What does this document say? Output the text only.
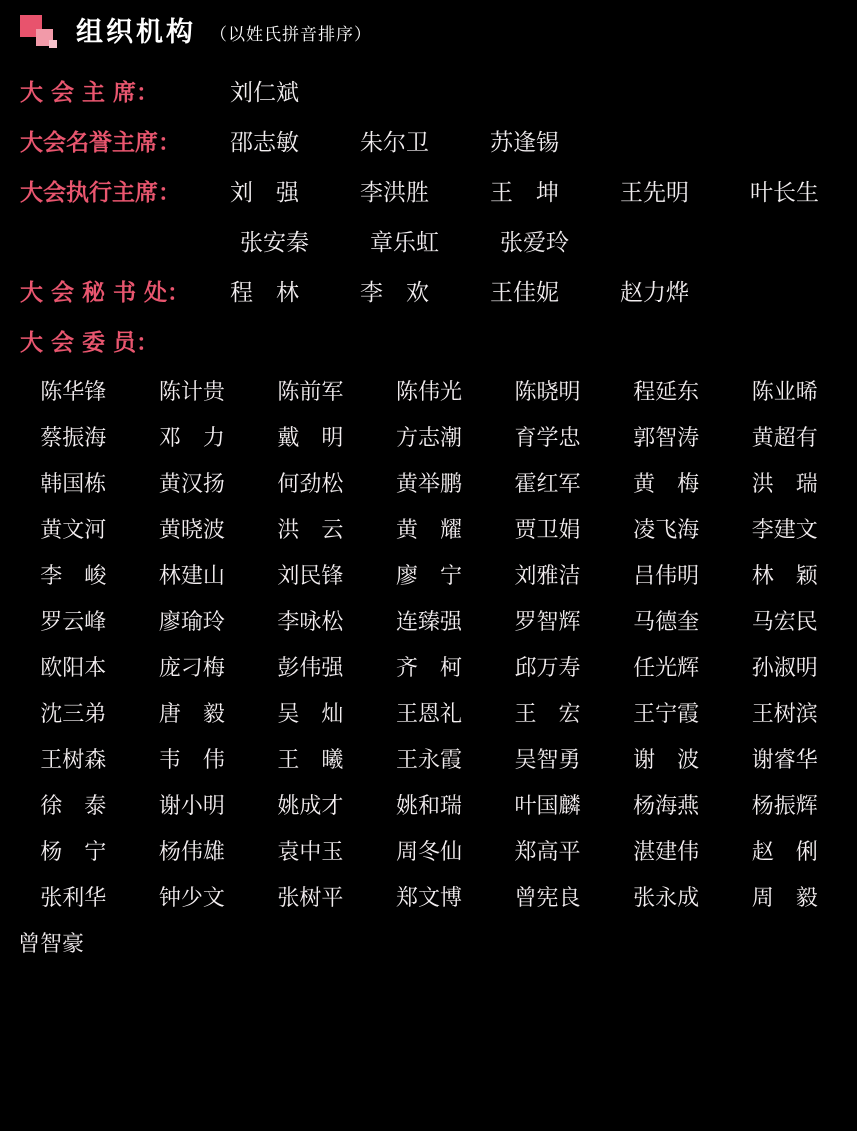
组织机构 （以姓氏拼音排序）
大 会 主 席：	刘仁斌
大会名誉主席：	邵志敏	朱尔卫	苏逢锡
大会执行主席：	刘　强	李洪胜	王　坤	王先明	叶长生
张安秦	章乐虹	张爱玲
大 会 秘 书 处：	程　林	李　欢	王佳妮	赵力烨
大 会 委 员：
陈华锋	陈计贵	陈前军	陈伟光	陈晓明	程延东	陈业晞
蔡振海	邓　力	戴　明	方志潮	育学忠	郭智涛	黄超有
韩国栋	黄汉扬	何劲松	黄举鹏	霍红军	黄　梅	洪　瑞
黄文河	黄晓波	洪　云	黄　耀	贾卫娟	凌飞海	李建文
李　峻	林建山	刘民锋	廖　宁	刘雅洁	吕伟明	林　颖
罗云峰	廖瑜玲	李咏松	连臻强	罗智辉	马德奎	马宏民
欧阳本	庞刁梅	彭伟强	齐　柯	邱万寿	任光辉	孙淑明
沈三弟	唐　毅	吴　灿	王恩礼	王　宏	王宁霞	王树滨
王树森	韦　伟	王　曦	王永霞	吴智勇	谢　波	谢睿华
徐　泰	谢小明	姚成才	姚和瑞	叶国麟	杨海燕	杨振辉
杨　宁	杨伟雄	袁中玉	周冬仙	郑高平	湛建伟	赵　俐
张利华	钟少文	张树平	郑文博	曾宪良	张永成	周　毅
曾智豪
